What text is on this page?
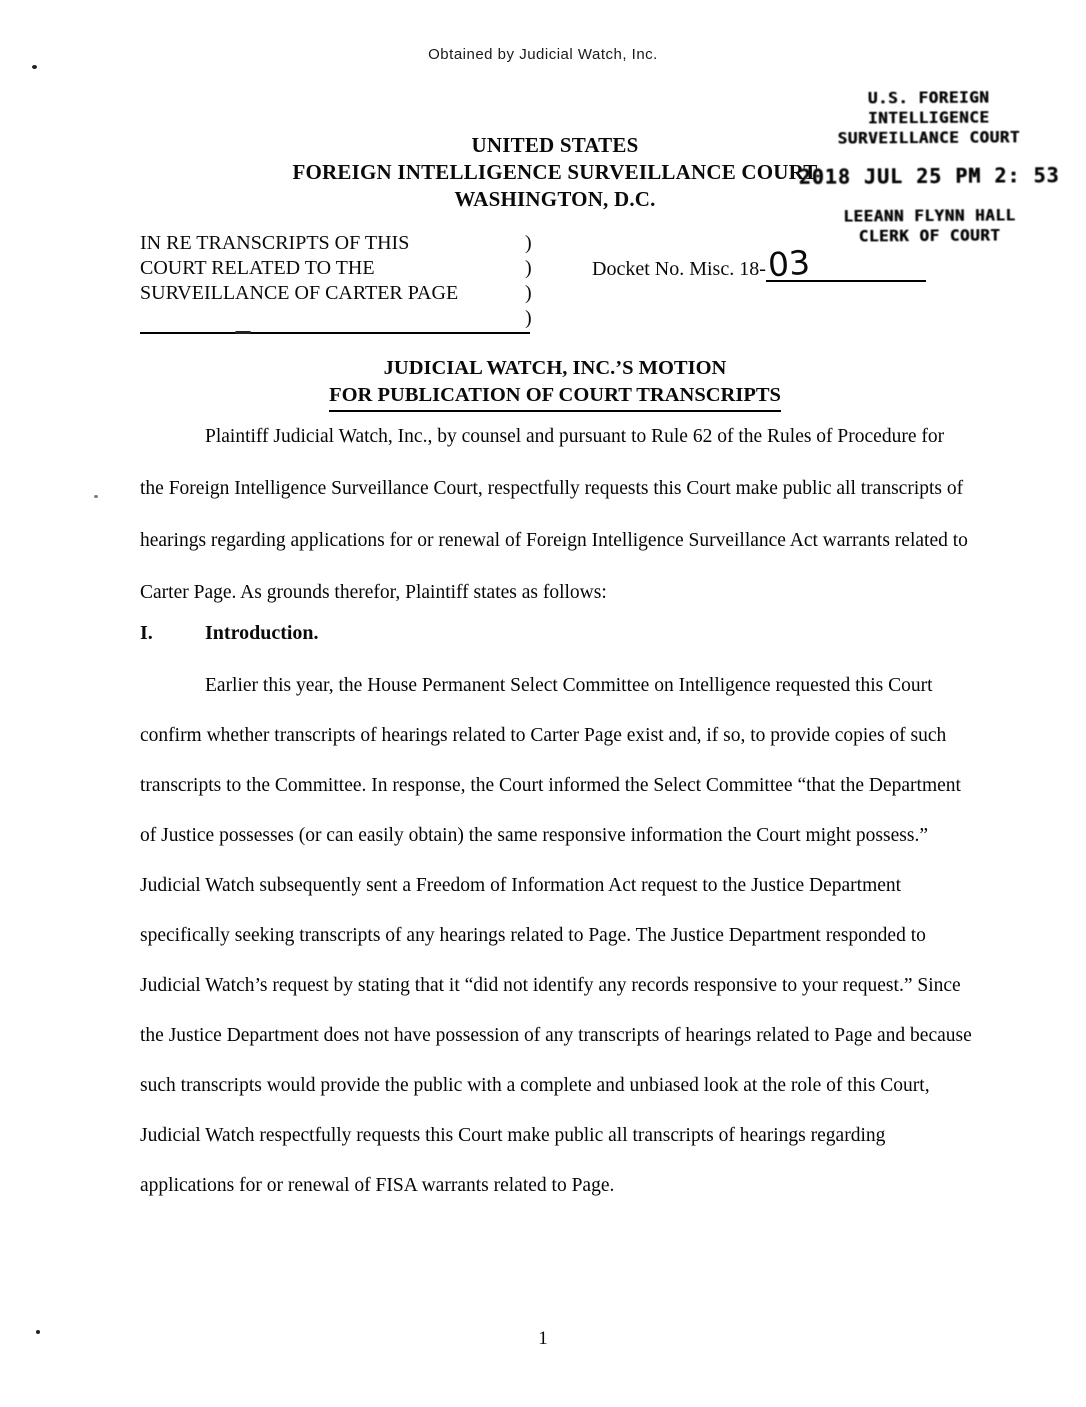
Obtained by Judicial Watch, Inc.
U.S. FOREIGN
INTELLIGENCE
SURVEILLANCE COURT
2018 JUL 25 PM 2: 53
LEEANN FLYNN HALL
CLERK OF COURT
UNITED STATES
FOREIGN INTELLIGENCE SURVEILLANCE COURT
WASHINGTON, D.C.
IN RE TRANSCRIPTS OF THIS	)
COURT RELATED TO THE	)
SURVEILLANCE OF CARTER PAGE	)
)
Docket No. Misc. 18-03
JUDICIAL WATCH, INC.’S MOTION
FOR PUBLICATION OF COURT TRANSCRIPTS
Plaintiff Judicial Watch, Inc., by counsel and pursuant to Rule 62 of the Rules of Procedure for the Foreign Intelligence Surveillance Court, respectfully requests this Court make public all transcripts of hearings regarding applications for or renewal of Foreign Intelligence Surveillance Act warrants related to Carter Page. As grounds therefor, Plaintiff states as follows:
I.	Introduction.
Earlier this year, the House Permanent Select Committee on Intelligence requested this Court confirm whether transcripts of hearings related to Carter Page exist and, if so, to provide copies of such transcripts to the Committee. In response, the Court informed the Select Committee “that the Department of Justice possesses (or can easily obtain) the same responsive information the Court might possess.” Judicial Watch subsequently sent a Freedom of Information Act request to the Justice Department specifically seeking transcripts of any hearings related to Page. The Justice Department responded to Judicial Watch’s request by stating that it “did not identify any records responsive to your request.” Since the Justice Department does not have possession of any transcripts of hearings related to Page and because such transcripts would provide the public with a complete and unbiased look at the role of this Court, Judicial Watch respectfully requests this Court make public all transcripts of hearings regarding applications for or renewal of FISA warrants related to Page.
1
